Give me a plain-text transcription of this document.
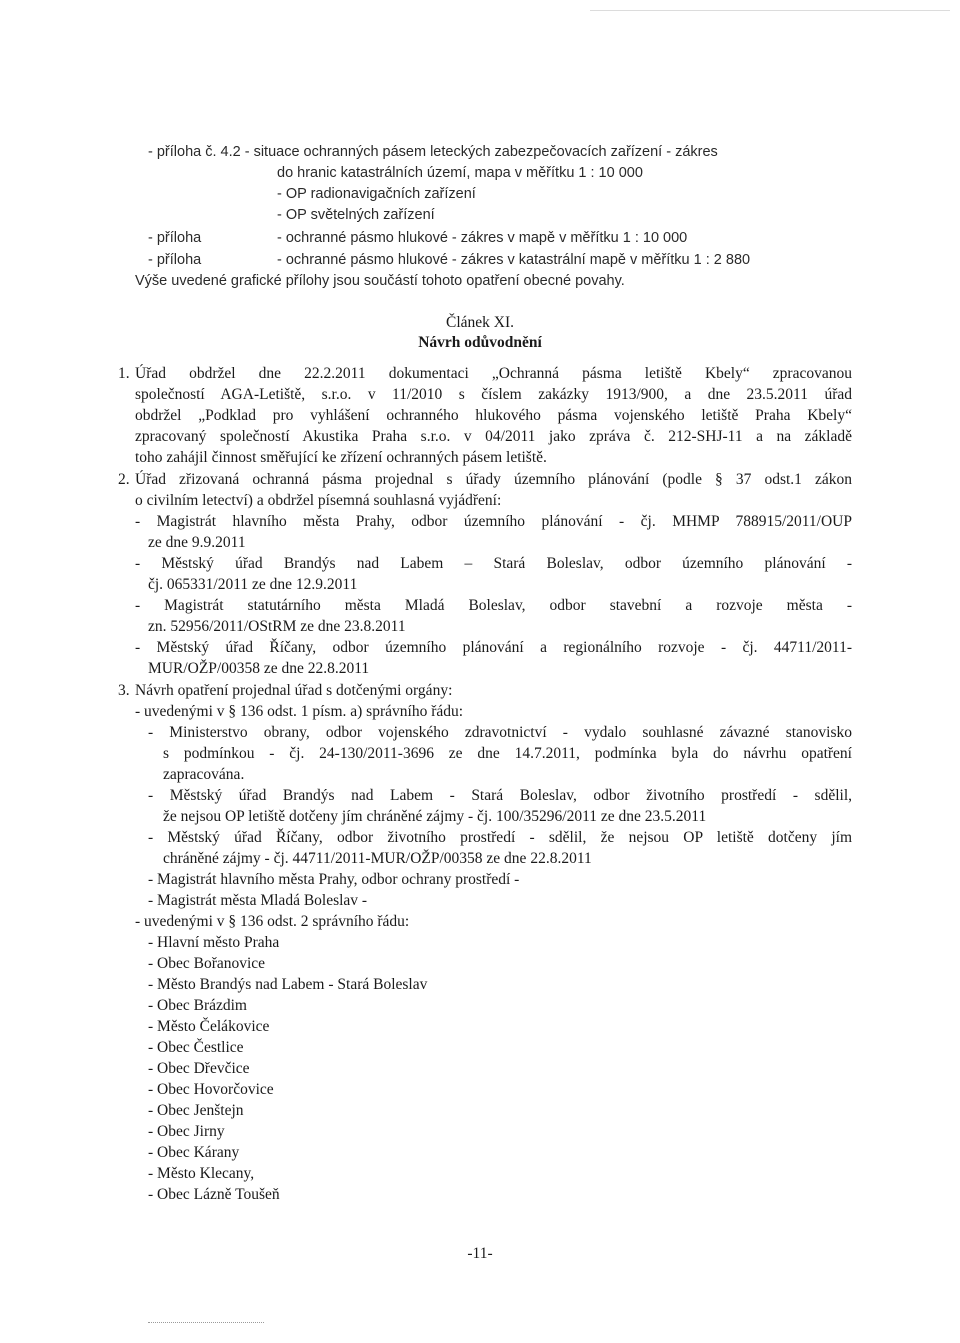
- příloha č. 4.2 - situace ochranných pásem leteckých zabezpečovacích zařízení - zákres
do hranic katastrálních území, mapa v měřítku 1 : 10 000
- OP radionavigačních zařízení
- OP světelných zařízení
- příloha	- ochranné pásmo hlukové - zákres v mapě v měřítku 1 : 10 000
- příloha	- ochranné pásmo hlukové - zákres v katastrální mapě v měřítku 1 : 2 880
Výše uvedené grafické přílohy jsou součástí tohoto opatření obecné povahy.
Článek XI.
Návrh odůvodnění
1. Úřad obdržel dne 22.2.2011 dokumentaci „Ochranná pásma letiště Kbely“ zpracovanou
společností AGA-Letiště, s.r.o. v 11/2010 s číslem zakázky 1913/900, a dne 23.5.2011 úřad
obdržel „Podklad pro vyhlášení ochranného hlukového pásma vojenského letiště Praha Kbely“
zpracovaný společností Akustika Praha s.r.o. v 04/2011 jako zpráva č. 212-SHJ-11 a na základě
toho zahájil činnost směřující ke zřízení ochranných pásem letiště.
2. Úřad zřizovaná ochranná pásma projednal s úřady územního plánování (podle § 37 odst.1 zákon
o civilním letectví) a obdržel písemná souhlasná vyjádření:
- Magistrát hlavního města Prahy, odbor územního plánování - čj. MHMP 788915/2011/OUP
ze dne 9.9.2011
- Městský úřad Brandýs nad Labem – Stará Boleslav, odbor územního plánování -
čj. 065331/2011 ze dne 12.9.2011
- Magistrát statutárního města Mladá Boleslav, odbor stavební a rozvoje města -
zn. 52956/2011/OStRM ze dne 23.8.2011
- Městský úřad Říčany, odbor územního plánování a regionálního rozvoje - čj. 44711/2011-
MUR/OŽP/00358 ze dne 22.8.2011
3. Návrh opatření projednal úřad s dotčenými orgány:
- uvedenými v § 136 odst. 1 písm. a) správního řádu:
- Ministerstvo obrany, odbor vojenského zdravotnictví - vydalo souhlasné závazné stanovisko
s podmínkou - čj. 24-130/2011-3696 ze dne 14.7.2011, podmínka byla do návrhu opatření
zapracována.
- Městský úřad Brandýs nad Labem - Stará Boleslav, odbor životního prostředí - sdělil,
že nejsou OP letiště dotčeny jím chráněné zájmy - čj. 100/35296/2011 ze dne 23.5.2011
- Městský úřad Říčany, odbor životního prostředí - sdělil, že nejsou OP letiště dotčeny jím
chráněné zájmy - čj. 44711/2011-MUR/OŽP/00358 ze dne 22.8.2011
- Magistrát hlavního města Prahy, odbor ochrany prostředí -
- Magistrát města Mladá Boleslav -
- uvedenými v § 136 odst. 2 správního řádu:
- Hlavní město Praha
- Obec Bořanovice
- Město Brandýs nad Labem - Stará Boleslav
- Obec Brázdim
- Město Čelákovice
- Obec Čestlice
- Obec Dřevčice
- Obec Hovorčovice
- Obec Jenštejn
- Obec Jirny
- Obec Kárany
- Město Klecany,
- Obec Lázně Toušeň
-11-
